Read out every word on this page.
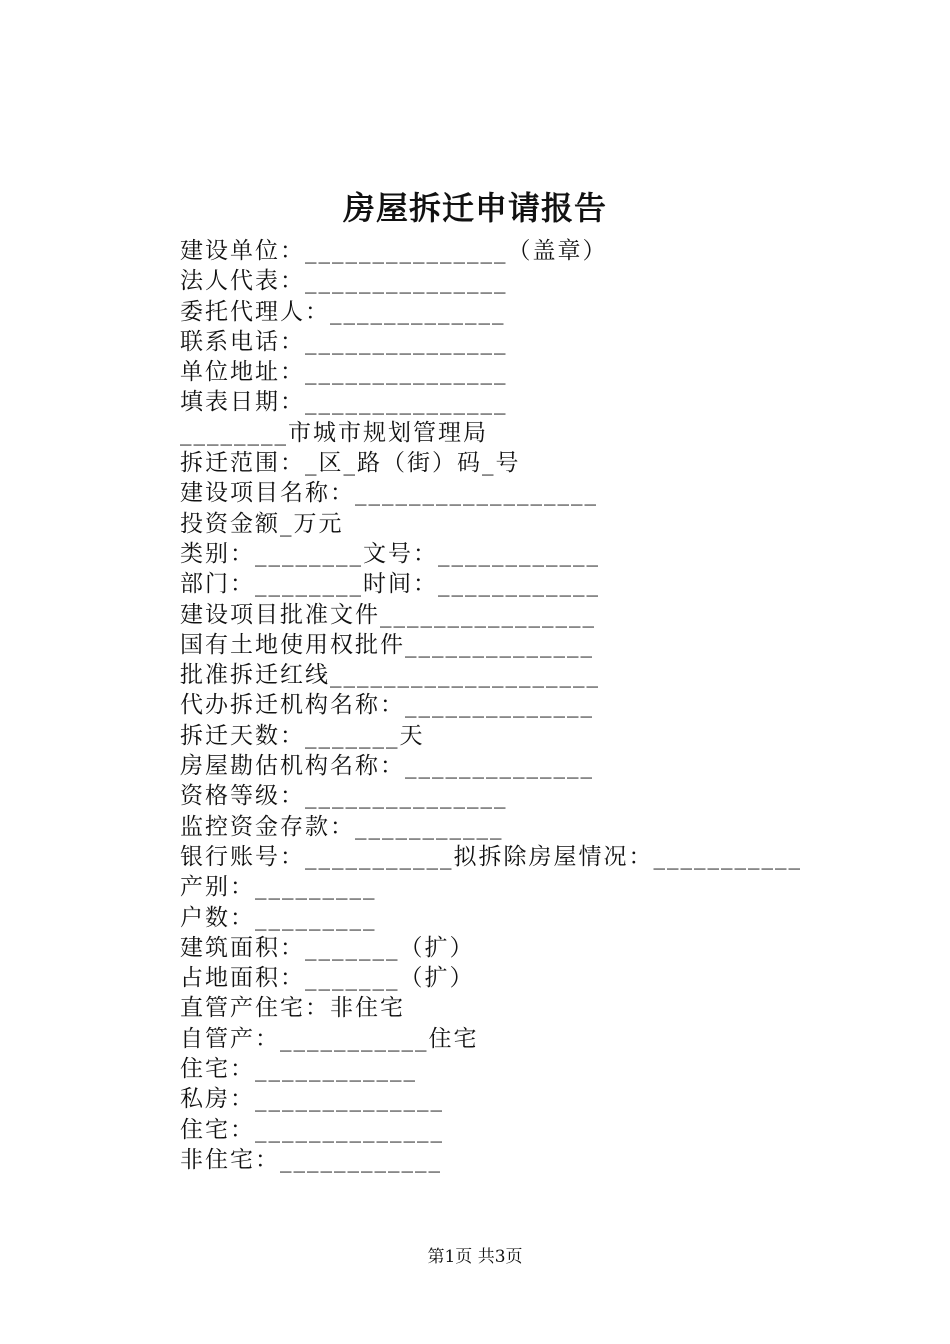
房屋拆迁申请报告
建设单位：_______________（盖章）
法人代表：_______________
委托代理人：_____________
联系电话：_______________
单位地址：_______________
填表日期：_______________
________市城市规划管理局
拆迁范围：_区_路（街）码_号
建设项目名称：__________________
投资金额_万元
类别：________文号：____________
部门：________时间：____________
建设项目批准文件________________
国有土地使用权批件______________
批准拆迁红线____________________
代办拆迁机构名称：______________
拆迁天数：_______天
房屋勘估机构名称：______________
资格等级：_______________
监控资金存款：___________
银行账号：___________拟拆除房屋情况：___________
产别：_________
户数：_________
建筑面积：_______（扩）
占地面积：_______（扩）
直管产住宅：非住宅
自管产：___________住宅
住宅：____________
私房：______________
住宅：______________
非住宅：____________
第1页 共3页
